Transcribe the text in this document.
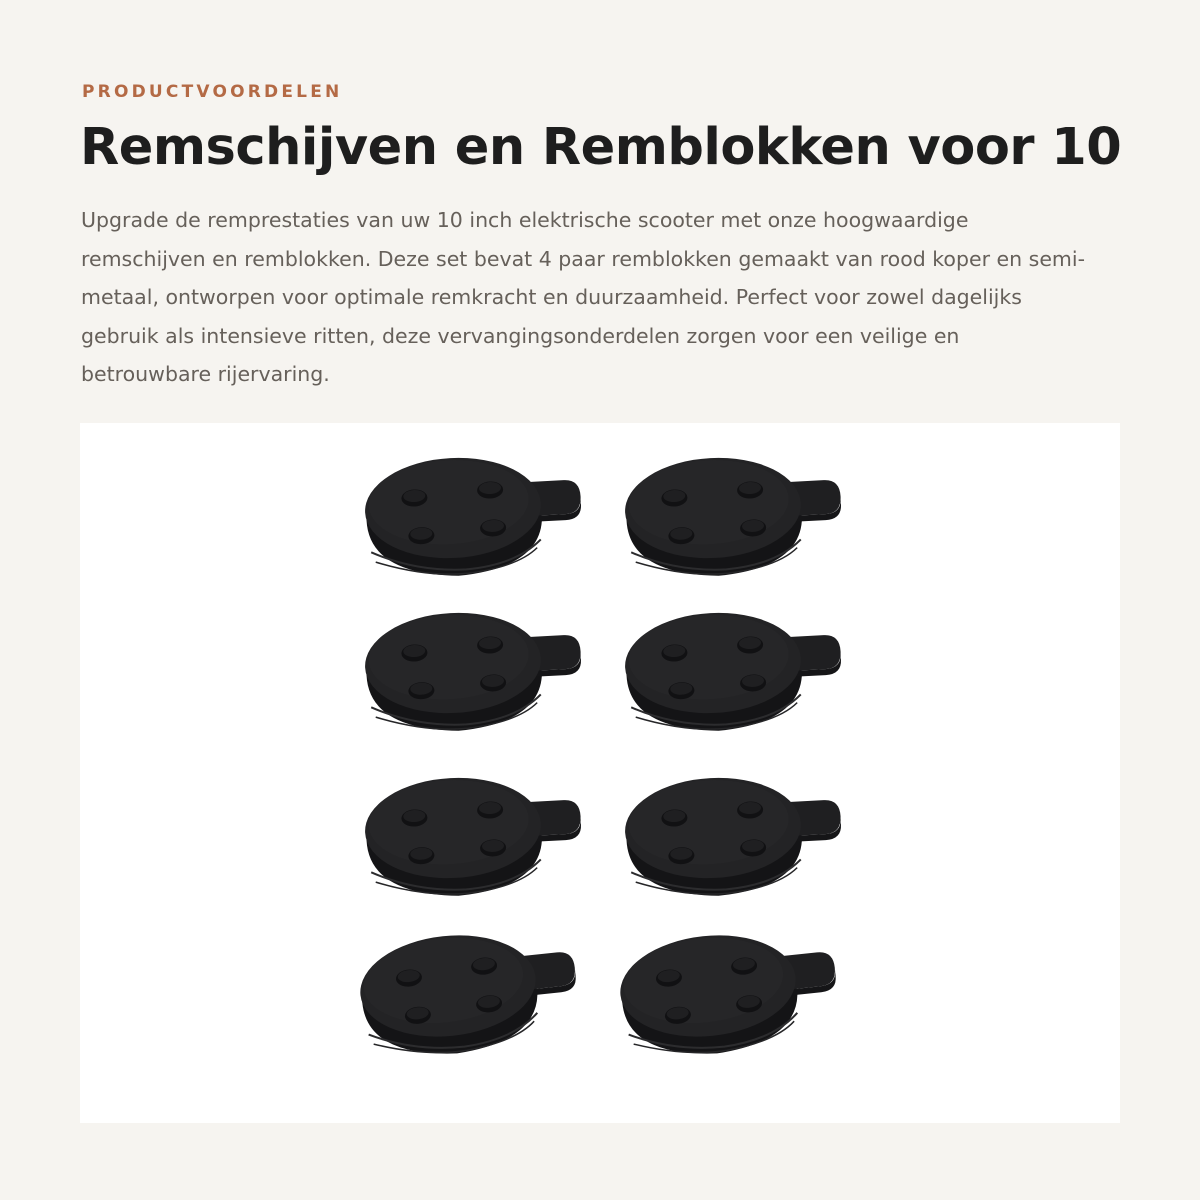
PRODUCTVOORDELEN
Remschijven en Remblokken voor 10

Upgrade de remprestaties van uw 10 inch elektrische scooter met onze hoogwaardige remschijven en remblokken. Deze set bevat 4 paar remblokken gemaakt van rood koper en semi-metaal, ontworpen voor optimale remkracht en duurzaamheid. Perfect voor zowel dagelijks gebruik als intensieve ritten, deze vervangingsonderdelen zorgen voor een veilige en betrouwbare rijervaring.
